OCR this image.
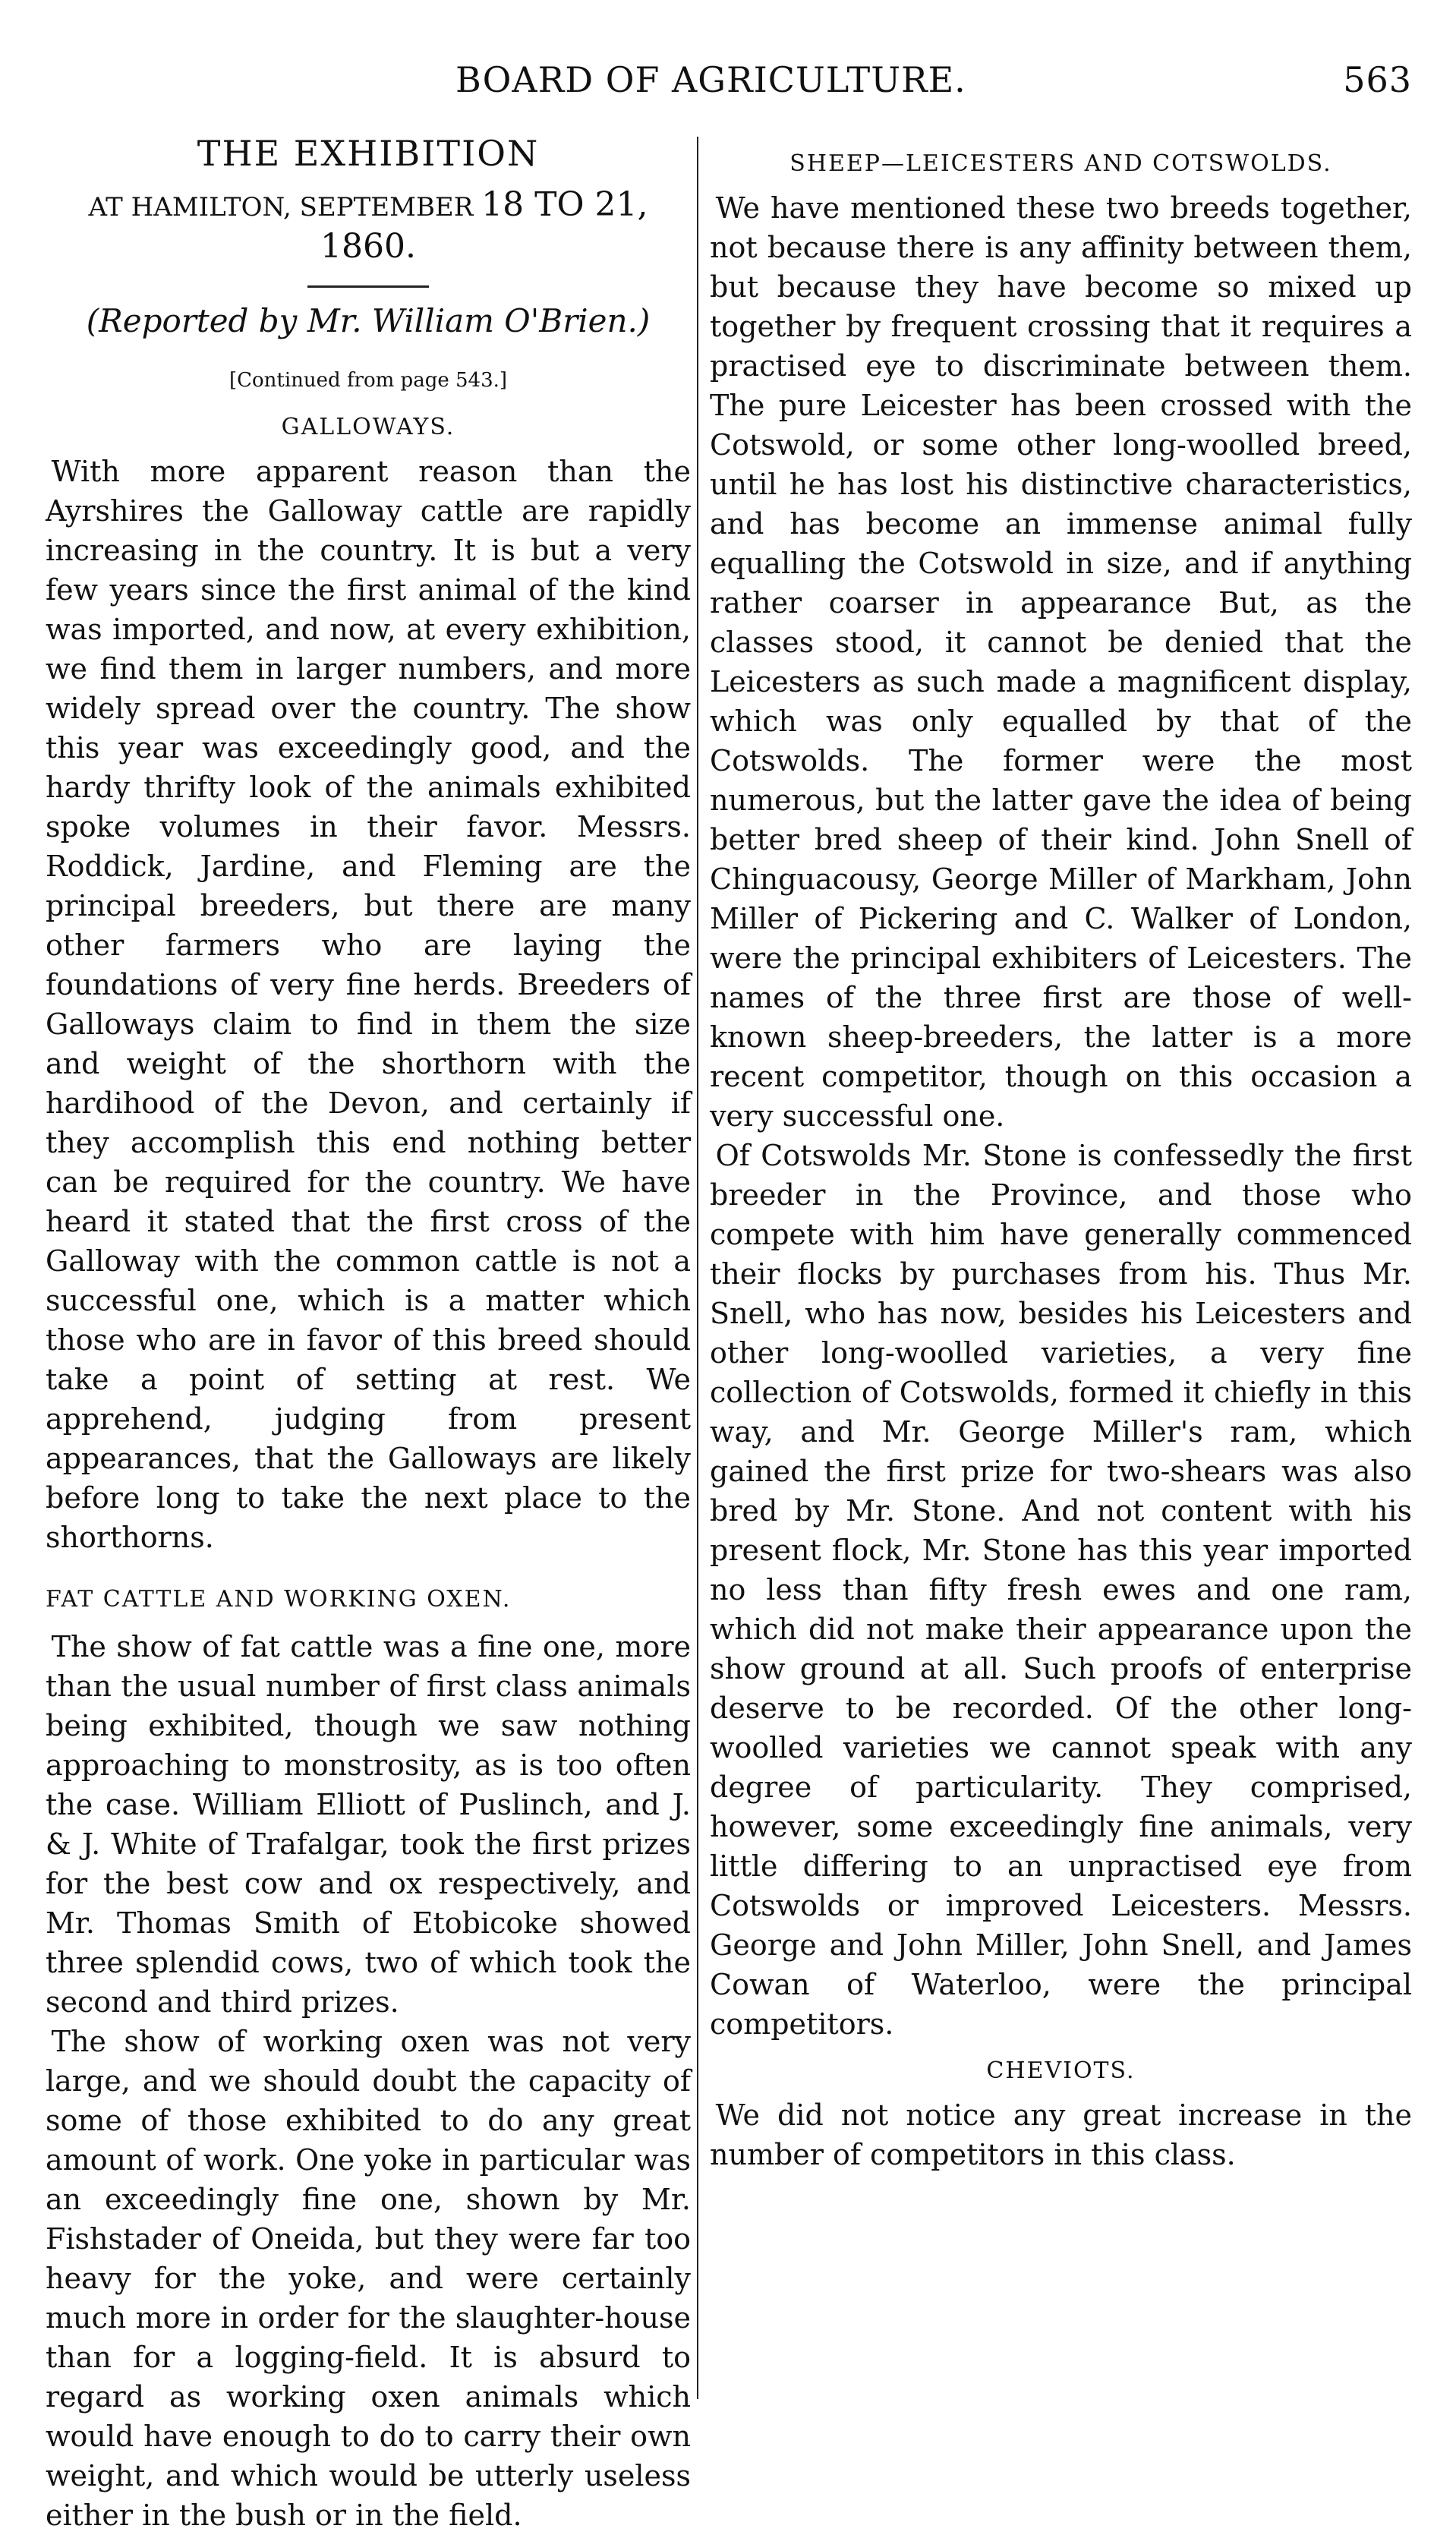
BOARD OF AGRICULTURE.	563

THE EXHIBITION

AT HAMILTON, SEPTEMBER 18 TO 21, 1860.

(Reported by Mr. William O'Brien.)

[Continued from page 543.]

GALLOWAYS.

With more apparent reason than the Ayrshires the Galloway cattle are rapidly increasing in the country. It is but a very few years since the first animal of the kind was imported, and now, at every exhibition, we find them in larger numbers, and more widely spread over the country. The show this year was exceedingly good, and the hardy thrifty look of the animals exhibited spoke volumes in their favor. Messrs. Roddick, Jardine, and Fleming are the principal breeders, but there are many other farmers who are laying the foundations of very fine herds. Breeders of Galloways claim to find in them the size and weight of the shorthorn with the hardihood of the Devon, and certainly if they accomplish this end nothing better can be required for the country. We have heard it stated that the first cross of the Galloway with the common cattle is not a successful one, which is a matter which those who are in favor of this breed should take a point of setting at rest. We apprehend, judging from present appearances, that the Galloways are likely before long to take the next place to the shorthorns.

FAT CATTLE AND WORKING OXEN.

The show of fat cattle was a fine one, more than the usual number of first class animals being exhibited, though we saw nothing approaching to monstrosity, as is too often the case. William Elliott of Puslinch, and J. & J. White of Trafalgar, took the first prizes for the best cow and ox respectively, and Mr. Thomas Smith of Etobicoke showed three splendid cows, two of which took the second and third prizes.

The show of working oxen was not very large, and we should doubt the capacity of some of those exhibited to do any great amount of work. One yoke in particular was an exceedingly fine one, shown by Mr. Fishstader of Oneida, but they were far too heavy for the yoke, and were certainly much more in order for the slaughter-house than for a logging-field. It is absurd to regard as working oxen animals which would have enough to do to carry their own weight, and which would be utterly useless either in the bush or in the field.

SHEEP—LEICESTERS AND COTSWOLDS.

We have mentioned these two breeds together, not because there is any affinity between them, but because they have become so mixed up together by frequent crossing that it requires a practised eye to discriminate between them. The pure Leicester has been crossed with the Cotswold, or some other long-woolled breed, until he has lost his distinctive characteristics, and has become an immense animal fully equalling the Cotswold in size, and if anything rather coarser in appearance But, as the classes stood, it cannot be denied that the Leicesters as such made a magnificent display, which was only equalled by that of the Cotswolds. The former were the most numerous, but the latter gave the idea of being better bred sheep of their kind. John Snell of Chinguacousy, George Miller of Markham, John Miller of Pickering and C. Walker of London, were the principal exhibiters of Leicesters. The names of the three first are those of well-known sheep-breeders, the latter is a more recent competitor, though on this occasion a very successful one.

Of Cotswolds Mr. Stone is confessedly the first breeder in the Province, and those who compete with him have generally commenced their flocks by purchases from his. Thus Mr. Snell, who has now, besides his Leicesters and other long-woolled varieties, a very fine collection of Cotswolds, formed it chiefly in this way, and Mr. George Miller's ram, which gained the first prize for two-shears was also bred by Mr. Stone. And not content with his present flock, Mr. Stone has this year imported no less than fifty fresh ewes and one ram, which did not make their appearance upon the show ground at all. Such proofs of enterprise deserve to be recorded. Of the other long-woolled varieties we cannot speak with any degree of particularity. They comprised, however, some exceedingly fine animals, very little differing to an unpractised eye from Cotswolds or improved Leicesters. Messrs. George and John Miller, John Snell, and James Cowan of Waterloo, were the principal competitors.

CHEVIOTS.

We did not notice any great increase in the number of competitors in this class.
